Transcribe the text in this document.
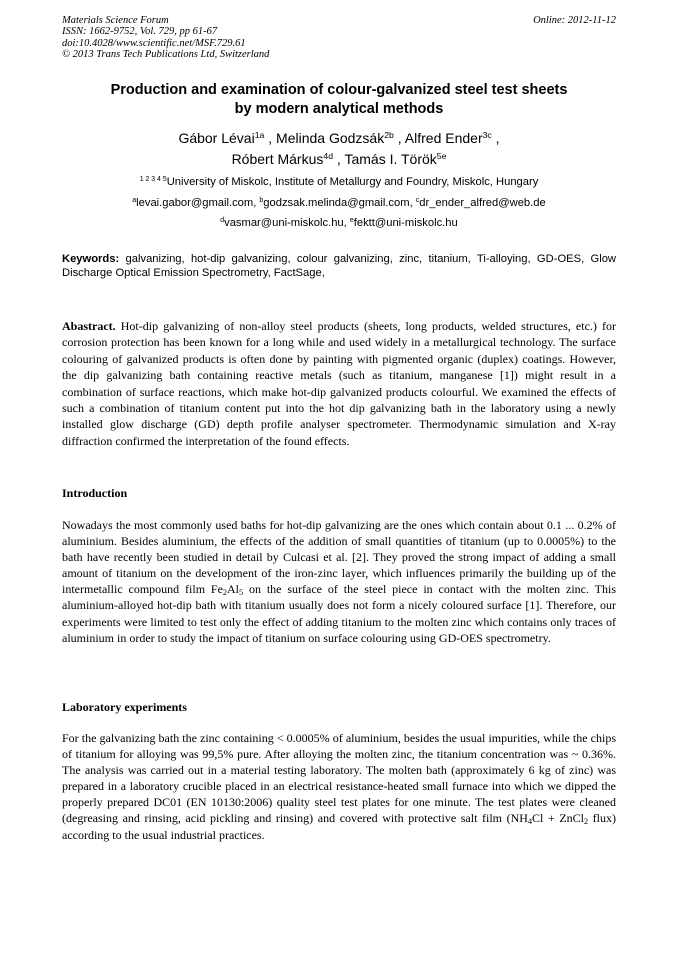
Materials Science Forum
ISSN: 1662-9752, Vol. 729, pp 61-67
doi:10.4028/www.scientific.net/MSF.729.61
© 2013 Trans Tech Publications Ltd, Switzerland
Online: 2012-11-12
Production and examination of colour-galvanized steel test sheets
by modern analytical methods
Gábor Lévai$^{1a}$ , Melinda Godzsák$^{2b}$ , Alfred Ender$^{3c}$ ,
Róbert Márkus$^{4d}$ , Tamás I. Török$^{5e}$
$^{1 2 3 4 5}$University of Miskolc, Institute of Metallurgy and Foundry, Miskolc, Hungary
$^a$levai.gabor@gmail.com, $^b$godzsak.melinda@gmail.com, $^c$dr_ender_alfred@web.de
$^d$vasmar@uni-miskolc.hu, $^e$fektt@uni-miskolc.hu
Keywords: galvanizing, hot-dip galvanizing, colour galvanizing, zinc, titanium, Ti-alloying, GD-OES, Glow Discharge Optical Emission Spectrometry, FactSage,
Abastract. Hot-dip galvanizing of non-alloy steel products (sheets, long products, welded structures, etc.) for corrosion protection has been known for a long while and used widely in a metallurgical technology. The surface colouring of galvanized products is often done by painting with pigmented organic (duplex) coatings. However, the dip galvanizing bath containing reactive metals (such as titanium, manganese [1]) might result in a combination of surface reactions, which make hot-dip galvanized products colourful. We examined the effects of such a combination of titanium content put into the hot dip galvanizing bath in the laboratory using a newly installed glow discharge (GD) depth profile analyser spectrometer. Thermodynamic simulation and X-ray diffraction confirmed the interpretation of the found effects.
Introduction
Nowadays the most commonly used baths for hot-dip galvanizing are the ones which contain about 0.1 ... 0.2% of aluminium. Besides aluminium, the effects of the addition of small quantities of titanium (up to 0.0005%) to the bath have recently been studied in detail by Culcasi et al. [2]. They proved the strong impact of adding a small amount of titanium on the development of the iron-zinc layer, which influences primarily the building up of the intermetallic compound film $Fe_2Al_5$ on the surface of the steel piece in contact with the molten zinc. This aluminium-alloyed hot-dip bath with titanium usually does not form a nicely coloured surface [1]. Therefore, our experiments were limited to test only the effect of adding titanium to the molten zinc which contains only traces of aluminium in order to study the impact of titanium on surface colouring using GD-OES spectrometry.
Laboratory experiments
For the galvanizing bath the zinc containing < 0.0005% of aluminium, besides the usual impurities, while the chips of titanium for alloying was 99,5% pure. After alloying the molten zinc, the titanium concentration was ~ 0.36%. The analysis was carried out in a material testing laboratory. The molten bath (approximately 6 kg of zinc) was prepared in a laboratory crucible placed in an electrical resistance-heated small furnace into which we dipped the properly prepared DC01 (EN 10130:2006) quality steel test plates for one minute. The test plates were cleaned (degreasing and rinsing, acid pickling and rinsing) and covered with protective salt film ($NH_4Cl$ + ZnCl$_2$ flux) according to the usual industrial practices.
